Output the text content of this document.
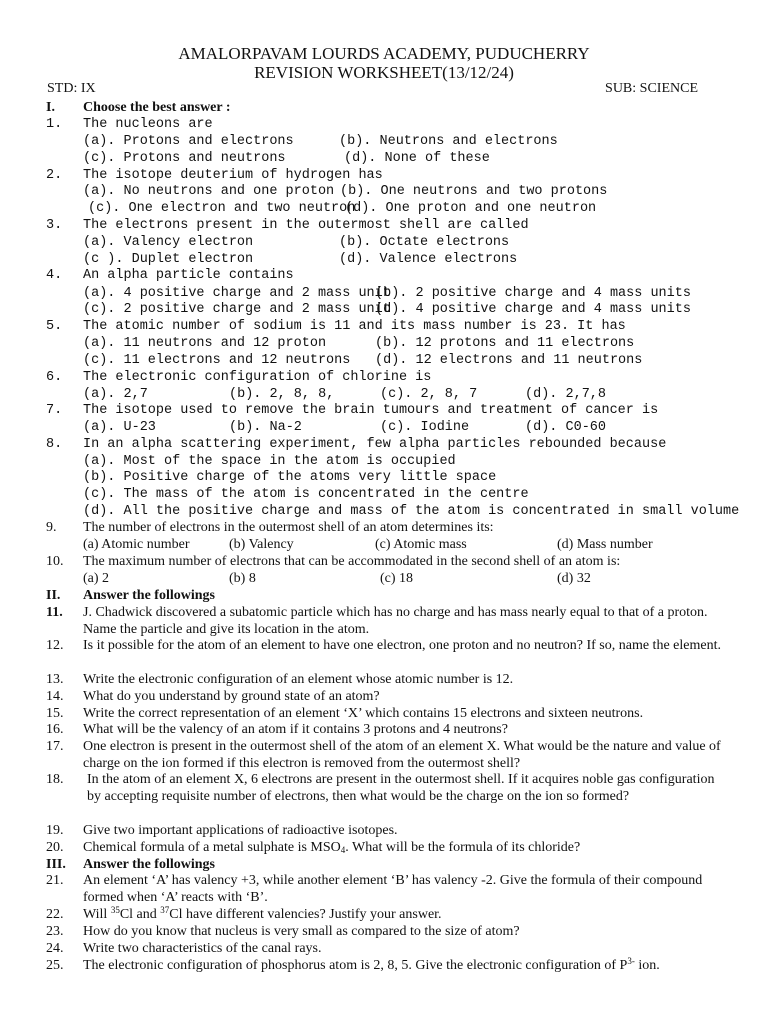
AMALORPAVAM LOURDS ACADEMY, PUDUCHERRY
REVISION WORKSHEET(13/12/24)
STD: IX	SUB: SCIENCE
I. Choose the best answer :
1. The nucleons are
(a). Protons and electrons	(b). Neutrons and electrons
(c). Protons and neutrons	(d). None of these
2. The isotope deuterium of hydrogen has
(a). No neutrons and one proton (b). One neutrons and two protons
(c). One electron and two neutron
(d). One proton and one neutron
3. The electrons present in the outermost shell are called
(a). Valency electron	(b). Octate electrons
(c ). Duplet electron	(d). Valence electrons
4. An alpha particle contains
(a). 4 positive charge and 2 mass unit
(b). 2 positive charge and 4 mass units
(c). 2 positive charge and 2 mass unit
(d). 4 positive charge and 4 mass units
5. The atomic number of sodium is 11 and its mass number is 23. It has
(a). 11 neutrons and 12 proton	(b). 12 protons and 11 electrons
(c). 11 electrons and 12 neutrons (d). 12 electrons and 11 neutrons
6. The electronic configuration of chlorine is
(a). 2,7	(b). 2, 8, 8,	(c). 2, 8, 7	(d). 2,7,8
7. The isotope used to remove the brain tumours and treatment of cancer is
(a). U-23	(b). Na-2	(c). Iodine	(d). C0-60
8. In an alpha scattering experiment, few alpha particles rebounded because
(a). Most of the space in the atom is occupied
(b). Positive charge of the atoms very little space
(c). The mass of the atom is concentrated in the centre
(d). All the positive charge and mass of the atom is concentrated in small volume
9. The number of electrons in the outermost shell of an atom determines its:
(a) Atomic number	(b) Valency	(c) Atomic mass	(d) Mass number
10. The maximum number of electrons that can be accommodated in the second shell of an atom is:
(a) 2	(b) 8	(c) 18	(d) 32
II. Answer the followings
11. J. Chadwick discovered a subatomic particle which has no charge and has mass nearly equal to that of a proton. Name the particle and give its location in the atom.
12. Is it possible for the atom of an element to have one electron, one proton and no neutron? If so, name the element.
13. Write the electronic configuration of an element whose atomic number is 12.
14. What do you understand by ground state of an atom?
15. Write the correct representation of an element ‘X’ which contains 15 electrons and sixteen neutrons.
16. What will be the valency of an atom if it contains 3 protons and 4 neutrons?
17. One electron is present in the outermost shell of the atom of an element X. What would be the nature and value of charge on the ion formed if this electron is removed from the outermost shell?
18. In the atom of an element X, 6 electrons are present in the outermost shell. If it acquires noble gas configuration by accepting requisite number of electrons, then what would be the charge on the ion so formed?
19. Give two important applications of radioactive isotopes.
20. Chemical formula of a metal sulphate is $MSO_4$. What will be the formula of its chloride?
III. Answer the followings
21. An element ‘A’ has valency +3, while another element ‘B’ has valency -2. Give the formula of their compound formed when ‘A’ reacts with ‘B’.
22. Will $^{35}$Cl and $^{37}$Cl have different valencies? Justify your answer.
23. How do you know that nucleus is very small as compared to the size of atom?
24. Write two characteristics of the canal rays.
25. The electronic configuration of phosphorus atom is 2, 8, 5. Give the electronic configuration of $P^{3-}$ ion.
